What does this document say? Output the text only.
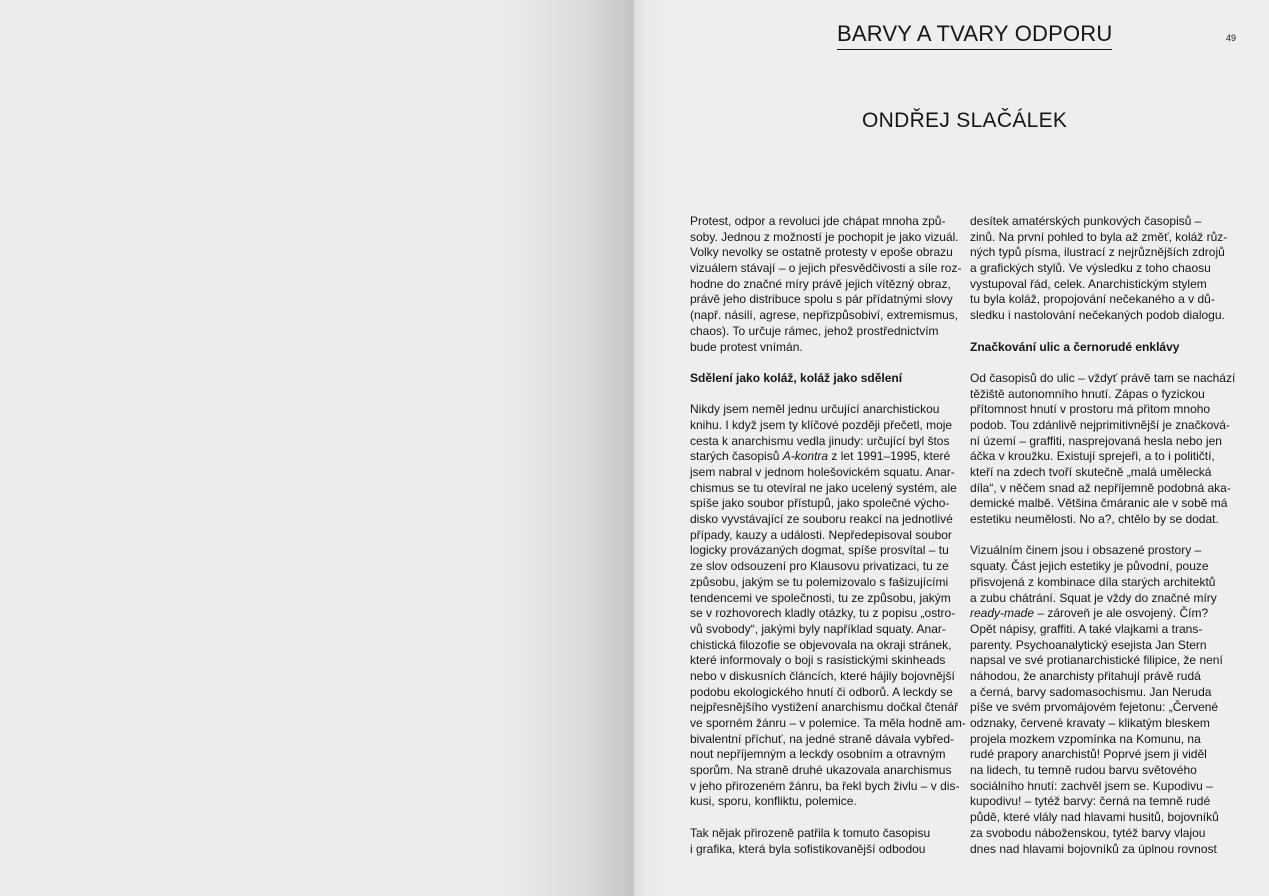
BARVY A TVARY ODPORU	49
ONDŘEJ SLAČÁLEK
Protest, odpor a revoluci jde chápat mnoha způ-
soby. Jednou z možností je pochopit je jako vizuál.
Volky nevolky se ostatně protesty v epoše obrazu
vizuálem stávají – o jejich přesvědčivosti a síle roz-
hodne do značné míry právě jejich vítězný obraz,
právě jeho distribuce spolu s pár přídatnými slovy
(např. násilí, agrese, nepřizpůsobiví, extremismus,
chaos). To určuje rámec, jehož prostřednictvím
bude protest vnímán.
Sdělení jako koláž, koláž jako sdělení
Nikdy jsem neměl jednu určující anarchistickou
knihu. I když jsem ty klíčové později přečetl, moje
cesta k anarchismu vedla jinudy: určující byl štos
starých časopisů A-kontra z let 1991–1995, které
jsem nabral v jednom holešovickém squatu. Anar-
chismus se tu otevíral ne jako ucelený systém, ale
spíše jako soubor přístupů, jako společné výcho-
disko vyvstávající ze souboru reakcí na jednotlivé
případy, kauzy a události. Nepředepisoval soubor
logicky provázaných dogmat, spíše prosvítal – tu
ze slov odsouzení pro Klausovu privatizaci, tu ze
způsobu, jakým se tu polemizovalo s fašizujícími
tendencemi ve společnosti, tu ze způsobu, jakým
se v rozhovorech kladly otázky, tu z popisu „ostro-
vů svobody“, jakými byly například squaty. Anar-
chistická filozofie se objevovala na okraji stránek,
které informovaly o boji s rasistickými skinheads
nebo v diskusních článcích, které hájily bojovnější
podobu ekologického hnutí či odborů. A leckdy se
nejpřesnějšího vystižení anarchismu dočkal čtenář
ve sporném žánru – v polemice. Ta měla hodně am-
bivalentní příchuť, na jedné straně dávala vybřed-
nout nepříjemným a leckdy osobním a otravným
sporům. Na straně druhé ukazovala anarchismus
v jeho přirozeném žánru, ba řekl bych živlu – v dis-
kusi, sporu, konfliktu, polemice.
Tak nějak přirozeně patřila k tomuto časopisu
i grafika, která byla sofistikovanější odbodou
desítek amatérských punkových časopisů –
zinů. Na první pohled to byla až změť, koláž růz-
ných typů písma, ilustrací z nejrůznějších zdrojů
a grafických stylů. Ve výsledku z toho chaosu
vystupoval řád, celek. Anarchistickým stylem
tu byla koláž, propojování nečekaného a v dů-
sledku i nastolování nečekaných podob dialogu.
Značkování ulic a černorudé enklávy
Od časopisů do ulic – vždyť právě tam se nachází
těžiště autonomního hnutí. Zápas o fyzickou
přítomnost hnutí v prostoru má přitom mnoho
podob. Tou zdánlivě nejprimitivnější je značková-
ní území – graffiti, nasprejovaná hesla nebo jen
áčka v kroužku. Existují sprejeři, a to i političtí,
kteří na zdech tvoří skutečně „malá umělecká
díla“, v něčem snad až nepříjemně podobná aka-
demické malbě. Většina čmáranic ale v sobě má
estetiku neumělosti. No a?, chtělo by se dodat.
Vizuálním činem jsou i obsazené prostory –
squaty. Část jejich estetiky je původní, pouze
přisvojená z kombinace díla starých architektů
a zubu chátrání. Squat je vždy do značné míry
ready-made – zároveň je ale osvojený. Čím?
Opět nápisy, graffiti. A také vlajkami a trans-
parenty. Psychoanalytický esejista Jan Stern
napsal ve své protianarchistické filipice, že není
náhodou, že anarchisty přitahují právě rudá
a černá, barvy sadomasochismu. Jan Neruda
píše ve svém prvomájovém fejetonu: „Červené
odznaky, červené kravaty – klikatým bleskem
projela mozkem vzpomínka na Komunu, na
rudé prapory anarchistů! Poprvé jsem ji viděl
na lidech, tu temně rudou barvu světového
sociálního hnutí: zachvěl jsem se. Kupodivu –
kupodivu! – tytéž barvy: černá na temně rudé
půdě, které vlály nad hlavami husitů, bojovníků
za svobodu náboženskou, tytéž barvy vlajou
dnes nad hlavami bojovníků za úplnou rovnost
